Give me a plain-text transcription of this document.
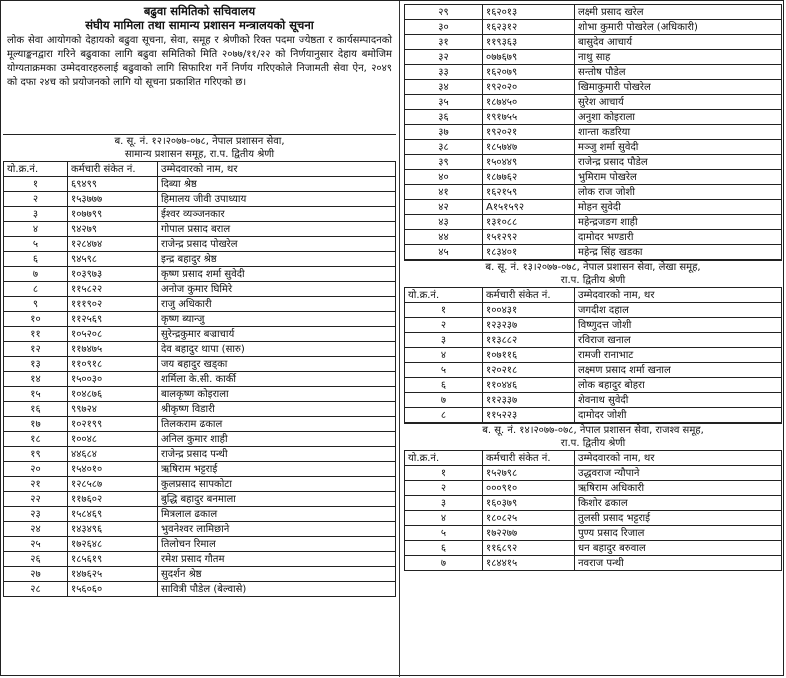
बढुवा समितिको सचिवालय
संघीय मामिला तथा सामान्य प्रशासन मन्त्रालयको सूचना
लोक सेवा आयोगको देहायको बढुवा सूचना, सेवा, समूह र श्रेणीको रिक्त पदमा ज्येष्ठता र कार्यसम्पादनको मूल्याङ्कनद्वारा गरिने बढुवाका लागि बढुवा समितिको मिति २०७७/११/२२ को निर्णयानुसार देहाय बमोजिम योग्यताक्रमका उम्मेदवारहरुलाई बढुवाको लागि सिफारिश गर्ने निर्णय गरिएकोले निजामती सेवा ऐन, २०४९ को दफा २४च को प्रयोजनको लागि यो सूचना प्रकाशित गरिएको छ।
ब. सू. नं. १२।२०७७-०७८, नेपाल प्रशासन सेवा,
सामान्य प्रशासन समूह, रा.प. द्वितीय श्रेणी
यो.क्र.नं.	कर्मचारी संकेत नं.	उम्मेदवारको नाम, थर
१	६९४९९	दिब्या श्रेष्ठ
२	१५३७७७	हिमालय जीवी उपाध्याय
३	१०७७९९	ईश्वर व्यञ्जनकार
४	९४२७९	गोपाल प्रसाद बराल
५	१२८४७४	राजेन्द्र प्रसाद पोखरेल
६	९४५९८	इन्द्र बहादुर श्रेष्ठ
७	१०३९७३	कृष्ण प्रसाद शर्मा सुवेदी
८	११५८२२	अनोज कुमार घिमिरे
९	१११९०२	राजु अधिकारी
१०	११२५६९	कृष्ण ब्यान्जु
११	१०५२०८	सुरेन्द्रकुमार बज्राचार्य
१२	११७४७५	देव बहादुर थापा (सारु)
१३	११०९१८	जय बहादुर खड्का
१४	१५००३०	शर्मिला के.सी. कार्की
१५	१०४८७६	बालकृष्ण कोइराला
१६	९९७२४	श्रीकृष्ण विडारी
१७	१०२१९९	तिलकराम ढकाल
१८	१००४८	अनिल कुमार शाही
१९	४४६८४	राजेन्द्र प्रसाद पन्थी
२०	१५४०१०	ऋषिराम भट्टराई
२१	१२८५८७	कुलप्रसाद सापकोटा
२२	११७६०२	बुद्धि बहादुर बनमाला
२३	१५८४६९	मित्रलाल ढकाल
२४	१४३४९६	भुवनेश्वर लामिछाने
२५	१७२६४८	तिलोचन रिमाल
२६	१८५६१९	रमेश प्रसाद गौतम
२७	१४७६२५	सुदर्शन श्रेष्ठ
२८	१५६०६०	सावित्री पौडेल (बेल्वासे)
२९	१६२०१३	लक्ष्मी प्रसाद खरेल
३०	१६२३१२	शोभा कुमारी पोखरेल (अधिकारी)
३१	११९३६३	बासुदेव आचार्य
३२	०७७६७९	नाथु साह
३३	१६२०७९	सन्तोष पौडेल
३४	१९२०२०	खिमाकुमारी पोखरेल
३५	१८७४५०	सुरेश आचार्य
३६	१९१७५५	अनुशा कोइराला
३७	१९२०२१	शान्ता कडरिया
३८	१८५७४७	मञ्जु शर्मा सुवेदी
३९	१५०४४९	राजेन्द्र प्रसाद पौडेल
४०	१८७७६२	भुमिराम पोखरेल
४१	१६२१५९	लोक राज जोशी
४२	A१५१५९२	मोहन सुवेदी
४३	१३१०८८	महेन्द्रजङग शाही
४४	१५१२९२	दामोदर भण्डारी
४५	१८३४०१	महेन्द्र सिंह खडका
ब. सू. नं. १३।२०७७-०७८, नेपाल प्रशासन सेवा, लेखा समूह,
रा.प. द्वितीय श्रेणी
यो.क्र.नं.	कर्मचारी संकेत नं.	उम्मेदवारको नाम, थर
१	१००४३१	जगदीश दहाल
२	१२३२३७	विष्णुदत्त जोशी
३	११३८८२	रविराज खनाल
४	१०७११६	रामजी रानाभाट
५	१२०२१८	लक्ष्मण प्रसाद शर्मा खनाल
६	११०४४६	लोक बहादुर बोहरा
७	११२३३७	शेवनाथ सुवेदी
८	११५२२३	दामोदर जोशी
ब. सू. नं. १४।२०७७-०७८, नेपाल प्रशासन सेवा, राजश्व समूह,
रा.प. द्वितीय श्रेणी
यो.क्र.नं.	कर्मचारी संकेत नं.	उम्मेदवारको नाम, थर
१	१५२७९८	उद्धवराज न्यौपाने
२	०००९१०	ऋषिराम अधिकारी
३	१६०३७९	किशोर ढकाल
४	१८०८२५	तुलसी प्रसाद भट्टराई
५	१७२२७७	पुण्य प्रसाद रिजाल
६	११६८९२	धन बहादुर बरुवाल
७	१८४४१५	नवराज पन्थी
